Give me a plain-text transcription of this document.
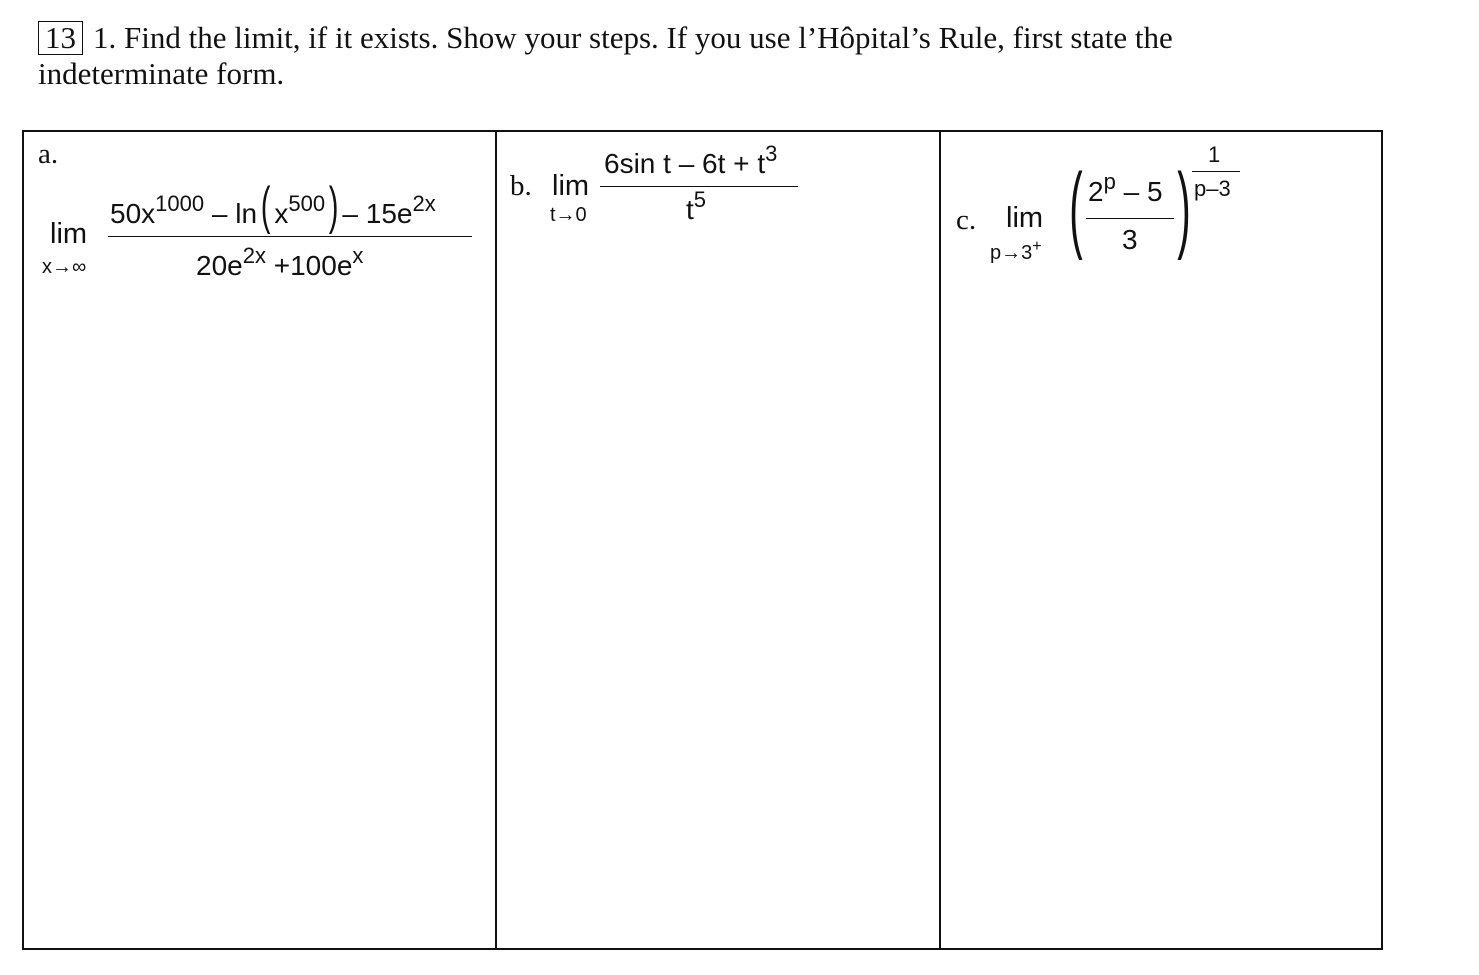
13 1. Find the limit, if it exists. Show your steps. If you use l’Hôpital’s Rule, first state the indeterminate form.
a.
lim
x→∞
$50x^{1000} - \ln$( $x^{500}) - 15e^{2x}$
$20e^{2x} +100e^x$
b. lim
t→0
6sin $t - 6t + t^3$
$t^5$
c. lim
p→3+ ( 2$^p$ – 5
3 ) 1
p–3
